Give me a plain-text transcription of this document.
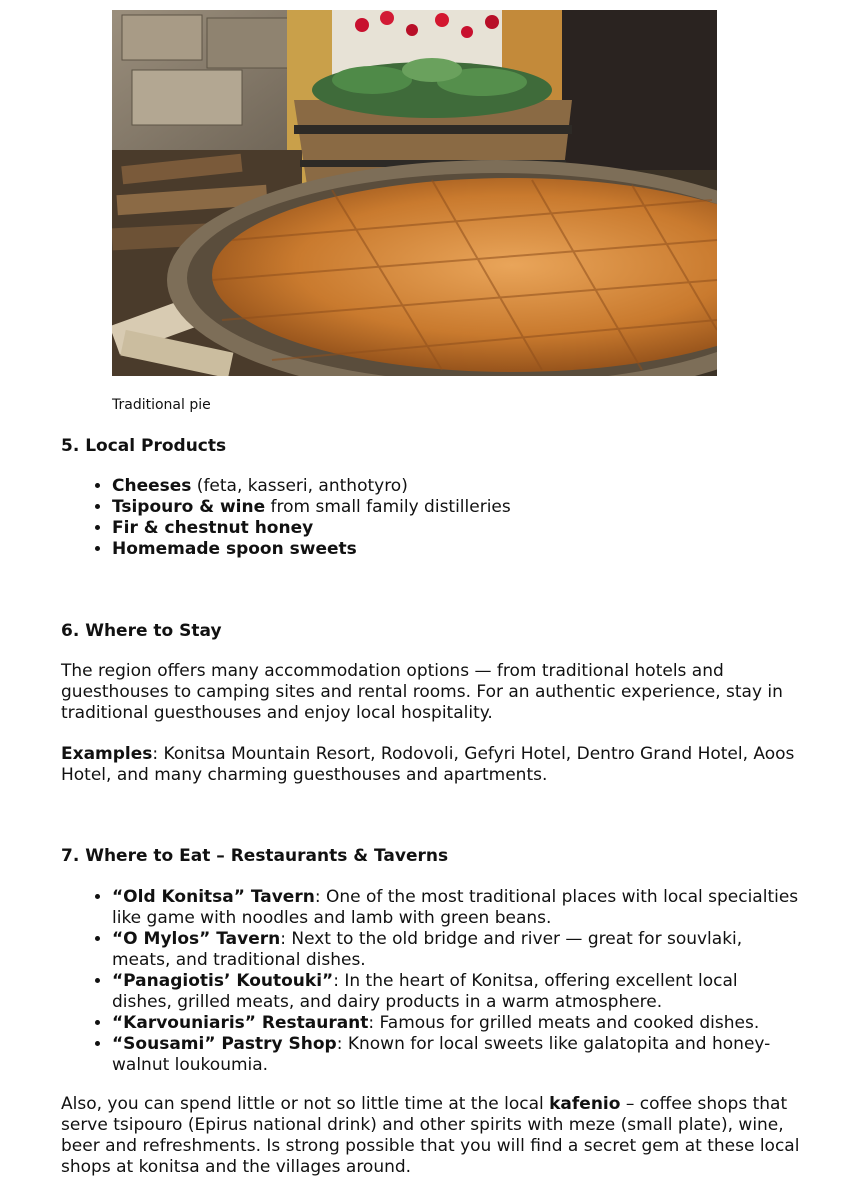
Traditional pie
5. Local Products
• Cheeses (feta, kasseri, anthotyro)
• Tsipouro & wine from small family distilleries
• Fir & chestnut honey
• Homemade spoon sweets
6. Where to Stay

The region offers many accommodation options — from traditional hotels and guesthouses to camping sites and rental rooms. For an authentic experience, stay in traditional guesthouses and enjoy local hospitality.

Examples: Konitsa Mountain Resort, Rodovoli, Gefyri Hotel, Dentro Grand Hotel, Aoos Hotel, and many charming guesthouses and apartments.

7. Where to Eat – Restaurants & Taverns
• “Old Konitsa” Tavern: One of the most traditional places with local specialties like game with noodles and lamb with green beans.
• “O Mylos” Tavern: Next to the old bridge and river — great for souvlaki, meats, and traditional dishes.
• “Panagiotis’ Koutouki”: In the heart of Konitsa, offering excellent local dishes, grilled meats, and dairy products in a warm atmosphere.
• “Karvouniaris” Restaurant: Famous for grilled meats and cooked dishes.
• “Sousami” Pastry Shop: Known for local sweets like galatopita and honey-walnut loukoumia.

Also, you can spend little or not so little time at the local kafenio – coffee shops that serve tsipouro (Epirus national drink) and other spirits with meze (small plate), wine, beer and refreshments. Is strong possible that you will find a secret gem at these local shops at konitsa and the villages around.
